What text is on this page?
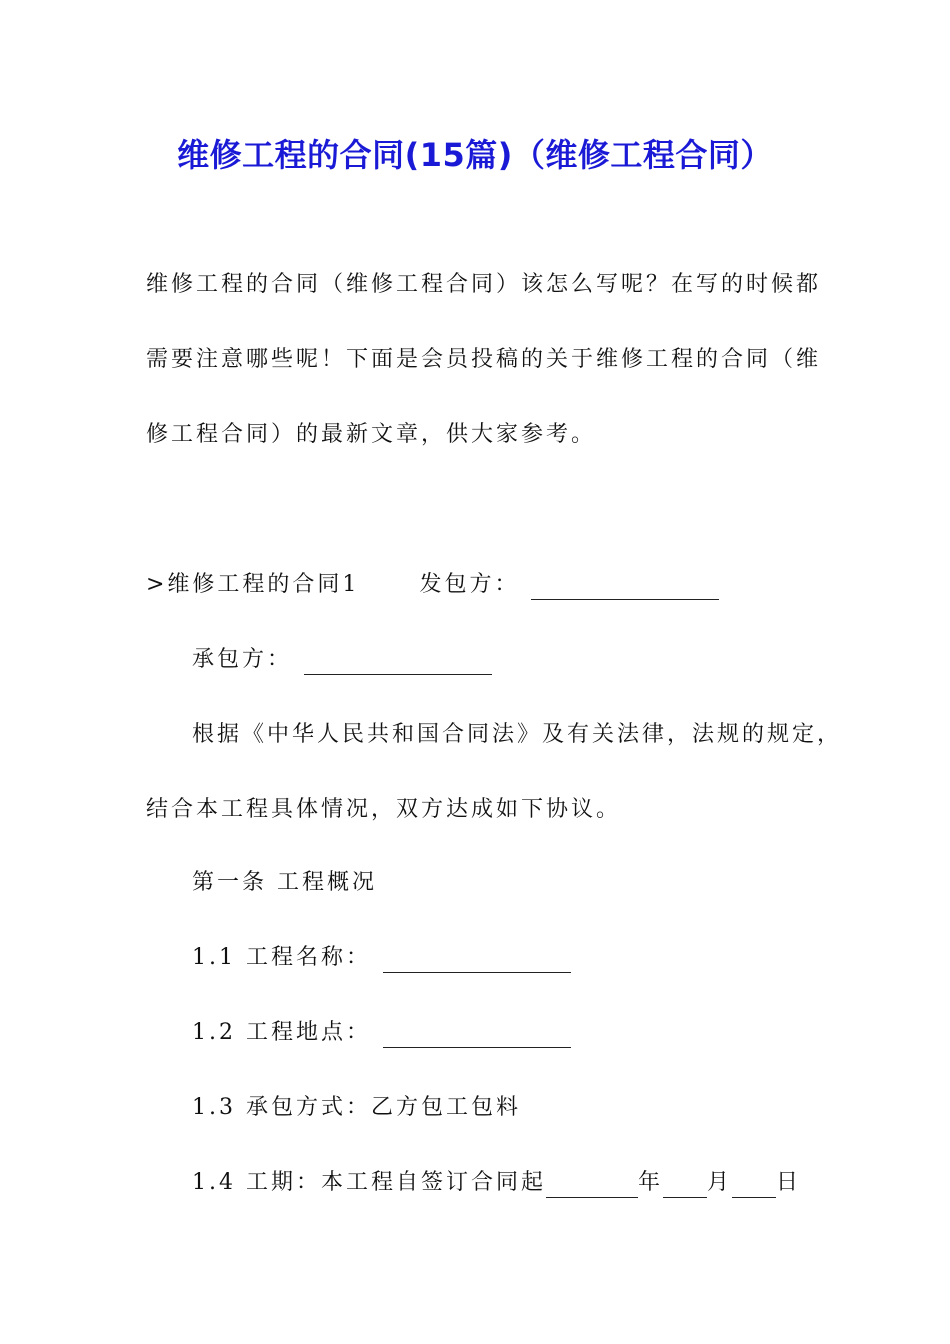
维修工程的合同(15篇)（维修工程合同）
维修工程的合同（维修工程合同）该怎么写呢？在写的时候都
需要注意哪些呢！下面是会员投稿的关于维修工程的合同（维
修工程合同）的最新文章，供大家参考。
>维修工程的合同1	发包方：
承包方：
根据《中华人民共和国合同法》及有关法律，法规的规定，
结合本工程具体情况，双方达成如下协议。
第一条 工程概况
1.1 工程名称：
1.2 工程地点：
1.3 承包方式：乙方包工包料
1.4 工期：本工程自签订合同起	年 月 日
